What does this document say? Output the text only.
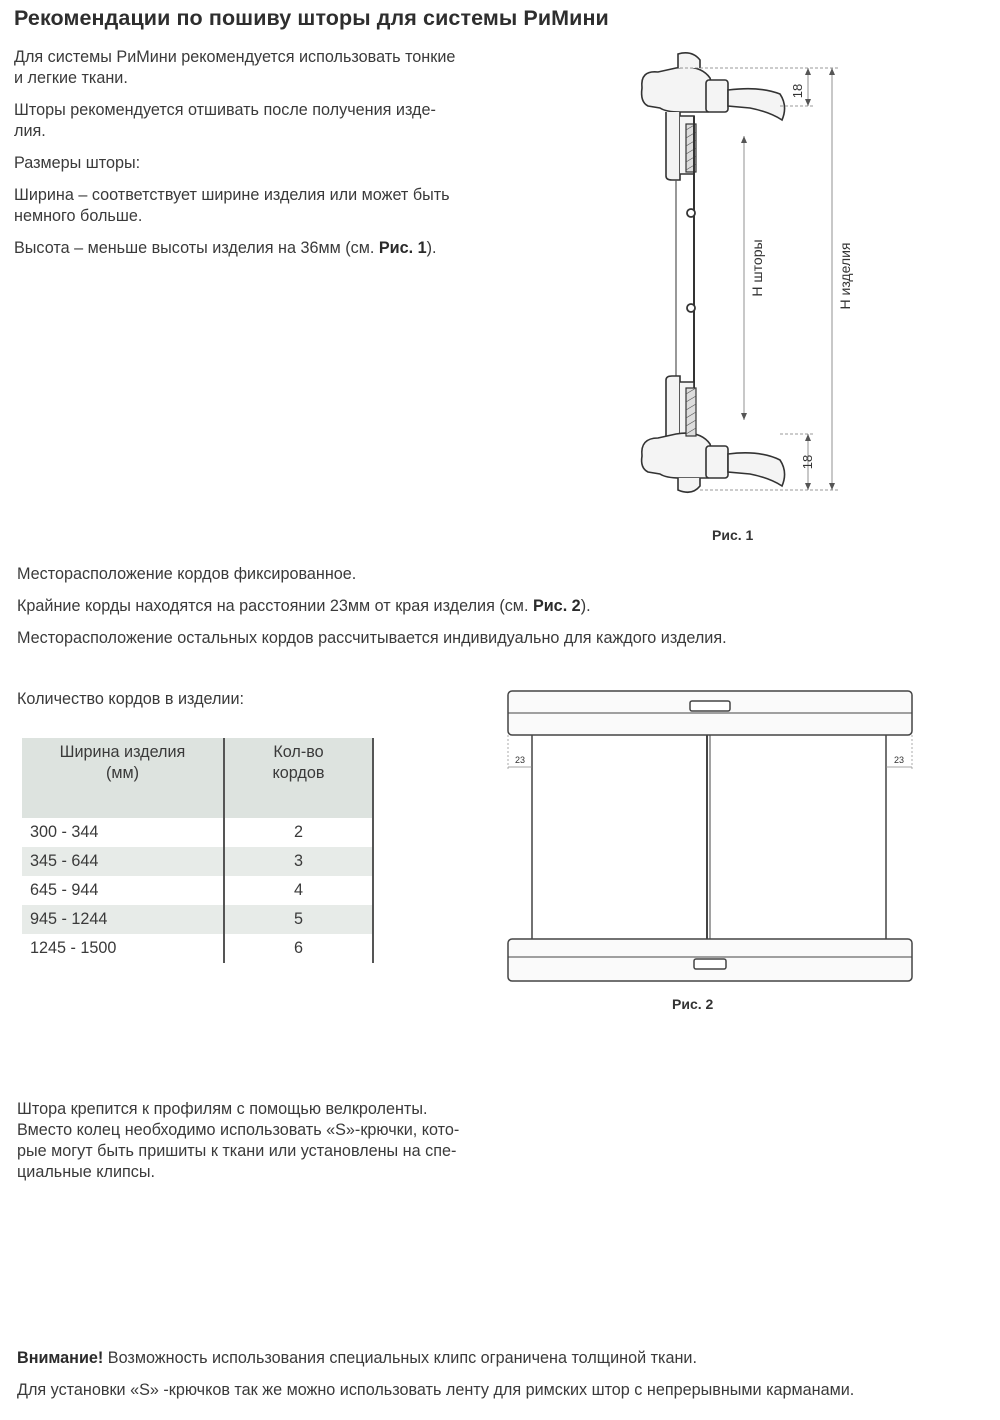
Рекомендации по пошиву шторы для системы РиМини
Для системы РиМини рекомендуется использовать тонкие
и легкие ткани.
Шторы рекомендуется отшивать после получения изде-
лия.
Размеры шторы:
Ширина – соответствует ширине изделия или может быть
немного больше.
Высота – меньше высоты изделия на 36мм (см. Рис. 1).
18
18
Н шторы	Н изделия
Рис. 1
Месторасположение кордов фиксированное.
Крайние корды находятся на расстоянии 23мм от края изделия (см. Рис. 2).
Месторасположение остальных кордов рассчитывается индивидуально для каждого изделия.
Количество кордов в изделии:
Ширина изделия
(мм)	Кол-во
кордов
300 - 344	2
345 - 644	3
645 - 944	4
945 - 1244	5
1245 - 1500	6
23	23
Рис. 2
Штора крепится к профилям с помощью велкроленты.
Вместо колец необходимо использовать «S»-крючки, кото-
рые могут быть пришиты к ткани или установлены на спе-
циальные клипсы.
Внимание! Возможность использования специальных клипс ограничена толщиной ткани.
Для установки «S» -крючков так же можно использовать ленту для римских штор с непрерывными карманами.
